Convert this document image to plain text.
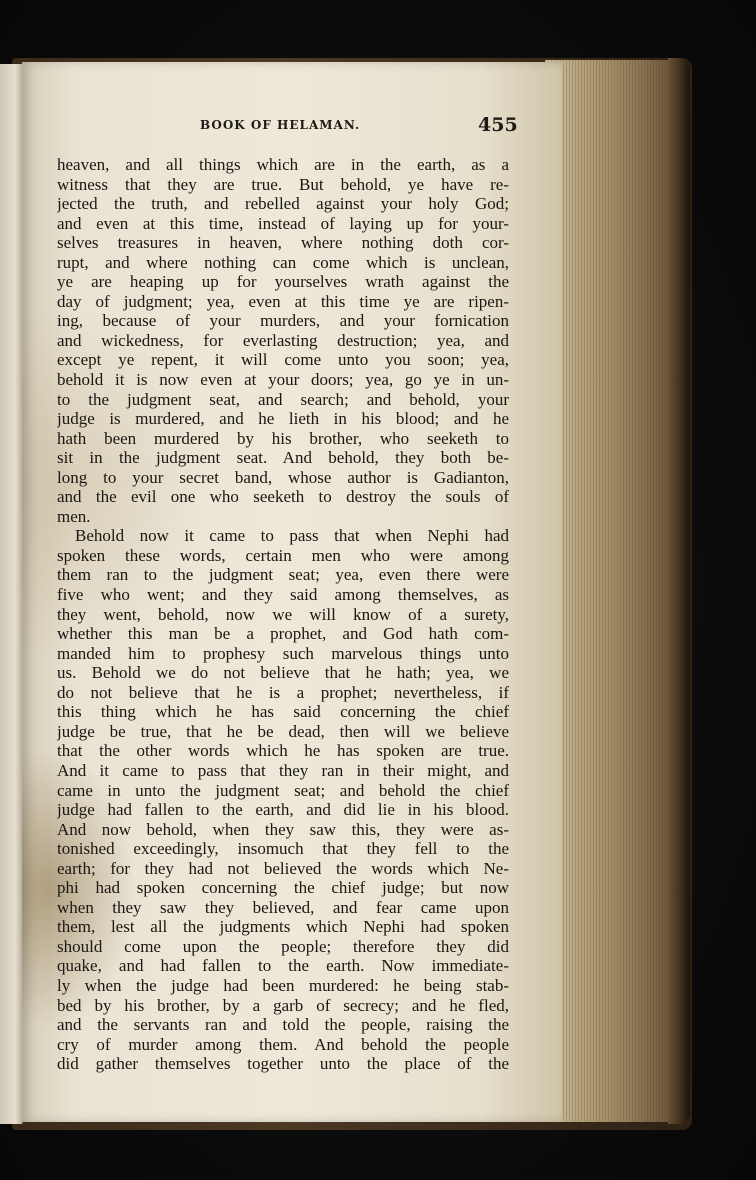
BOOK OF HELAMAN.	455
heaven, and all things which are in the earth, as a
witness that they are true. But behold, ye have re-
jected the truth, and rebelled against your holy God;
and even at this time, instead of laying up for your-
selves treasures in heaven, where nothing doth cor-
rupt, and where nothing can come which is unclean,
ye are heaping up for yourselves wrath against the
day of judgment; yea, even at this time ye are ripen-
ing, because of your murders, and your fornication
and wickedness, for everlasting destruction; yea, and
except ye repent, it will come unto you soon; yea,
behold it is now even at your doors; yea, go ye in un-
to the judgment seat, and search; and behold, your
judge is murdered, and he lieth in his blood; and he
hath been murdered by his brother, who seeketh to
sit in the judgment seat. And behold, they both be-
long to your secret band, whose author is Gadianton,
and the evil one who seeketh to destroy the souls of
men.
Behold now it came to pass that when Nephi had
spoken these words, certain men who were among
them ran to the judgment seat; yea, even there were
five who went; and they said among themselves, as
they went, behold, now we will know of a surety,
whether this man be a prophet, and God hath com-
manded him to prophesy such marvelous things unto
us. Behold we do not believe that he hath; yea, we
do not believe that he is a prophet; nevertheless, if
this thing which he has said concerning the chief
judge be true, that he be dead, then will we believe
that the other words which he has spoken are true.
And it came to pass that they ran in their might, and
came in unto the judgment seat; and behold the chief
judge had fallen to the earth, and did lie in his blood.
And now behold, when they saw this, they were as-
tonished exceedingly, insomuch that they fell to the
earth; for they had not believed the words which Ne-
phi had spoken concerning the chief judge; but now
when they saw they believed, and fear came upon
them, lest all the judgments which Nephi had spoken
should come upon the people; therefore they did
quake, and had fallen to the earth. Now immediate-
ly when the judge had been murdered: he being stab-
bed by his brother, by a garb of secrecy; and he fled,
and the servants ran and told the people, raising the
cry of murder among them. And behold the people
did gather themselves together unto the place of the
